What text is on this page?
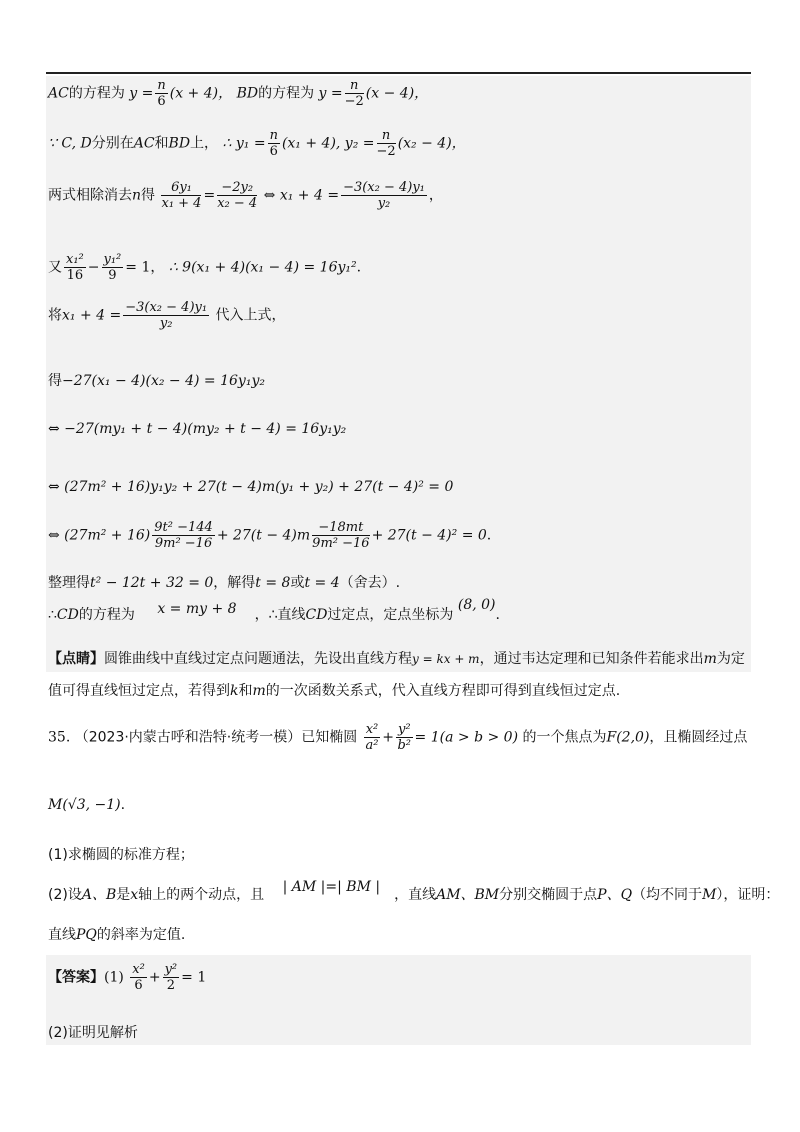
AC的方程为 $y = \frac{n}{6} (x + 4)$， BD的方程为 $y = \frac{n}{-2} (x - 4)$，
∵ C, D分别在AC和BD上， ∴ $y_1 = \frac{n}{6} (x_1 + 4)$, $y_2 = \frac{n}{-2} (x_2 - 4)$，
两式相除消去n得 $\frac{\text{6y₁}}{\text{x₁ + 4}} = \frac{\text{−2y₂}}{\text{x₂ − 4}}$ ⇔ $x_1 + 4 = \frac{\text{−3(x₂ − 4)y₁}}{\text{y₂}}$ ，
又 $\frac{\text{x₁²}}{16} - \frac{\text{y₁²}}{9} = 1$， ∴ 9(x₁ + 4)(x₁ − 4) = 16y₁².
将$x_1 + 4 = \frac{\text{−3(x₂ − 4)y₁}}{\text{y₂}}$ 代入上式，
得−27(x₁ − 4)(x₂ − 4) = 16y₁y₂
⇔ −27(my₁ + t − 4)(my₂ + t − 4) = 16y₁y₂
⇔ (27m² + 16)y₁y₂ + 27(t − 4)m(y₁ + y₂) + 27(t − 4)² = 0
⇔ $(27m^2 + 16) \frac{\text{9t² −144}}{\text{9m² −16}} + 27(t - 4)m \frac{-18mt}{\text{9m² −16}} + 27(t - 4)^2 = 0$.
整理得t² − 12t + 32 = 0，解得t = 8或t = 4（舍去）.
∴CD的方程为 x = my + 8 ，∴直线CD过定点，定点坐标为 (8, 0).
【点睛】圆锥曲线中直线过定点问题通法，先设出直线方程y = kx + m，通过韦达定理和已知条件若能求出m为定
值可得直线恒过定点，若得到k和m的一次函数关系式，代入直线方程即可得到直线恒过定点.
35. （2023·内蒙古呼和浩特·统考一模）已知椭圆 $\frac{\text{x²}}{\text{a²}} + \frac{\text{y²}}{\text{b²}} = 1(a > b > 0)$ 的一个焦点为F(2,0)，且椭圆经过点
M(√3, −1).
(1)求椭圆的标准方程；
(2)设A、B是x轴上的两个动点，且 | AM |=| BM | ，直线AM、BM分别交椭圆于点P、Q（均不同于M），证明：
直线PQ的斜率为定值.
【答案】$(1) \frac{\text{x²}}{6} + \frac{\text{y²}}{2} = 1$
(2)证明见解析
